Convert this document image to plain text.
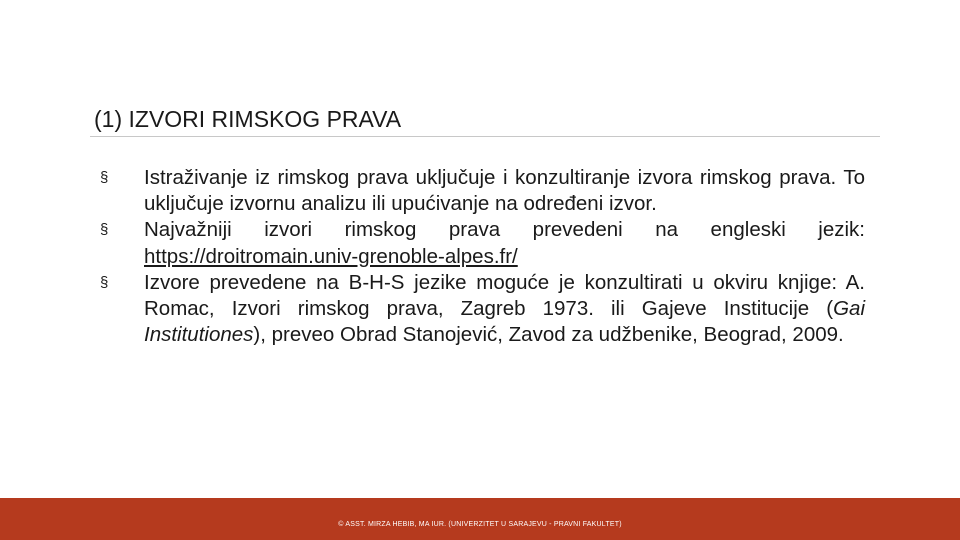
(1) IZVORI RIMSKOG PRAVA
§ Istraživanje iz rimskog prava uključuje i konzultiranje izvora rimskog prava. To uključuje izvornu analizu ili upućivanje na određeni izvor.
§ Najvažniji izvori rimskog prava prevedeni na engleski jezik: https://droitromain.univ-grenoble-alpes.fr/
§ Izvore prevedene na B-H-S jezike moguće je konzultirati u okviru knjige: A. Romac, Izvori rimskog prava, Zagreb 1973. ili Gajeve Institucije (Gai Institutiones), preveo Obrad Stanojević, Zavod za udžbenike, Beograd, 2009.
© ASST. MIRZA HEBIB, MA IUR. (UNIVERZITET U SARAJEVU - PRAVNI FAKULTET)
